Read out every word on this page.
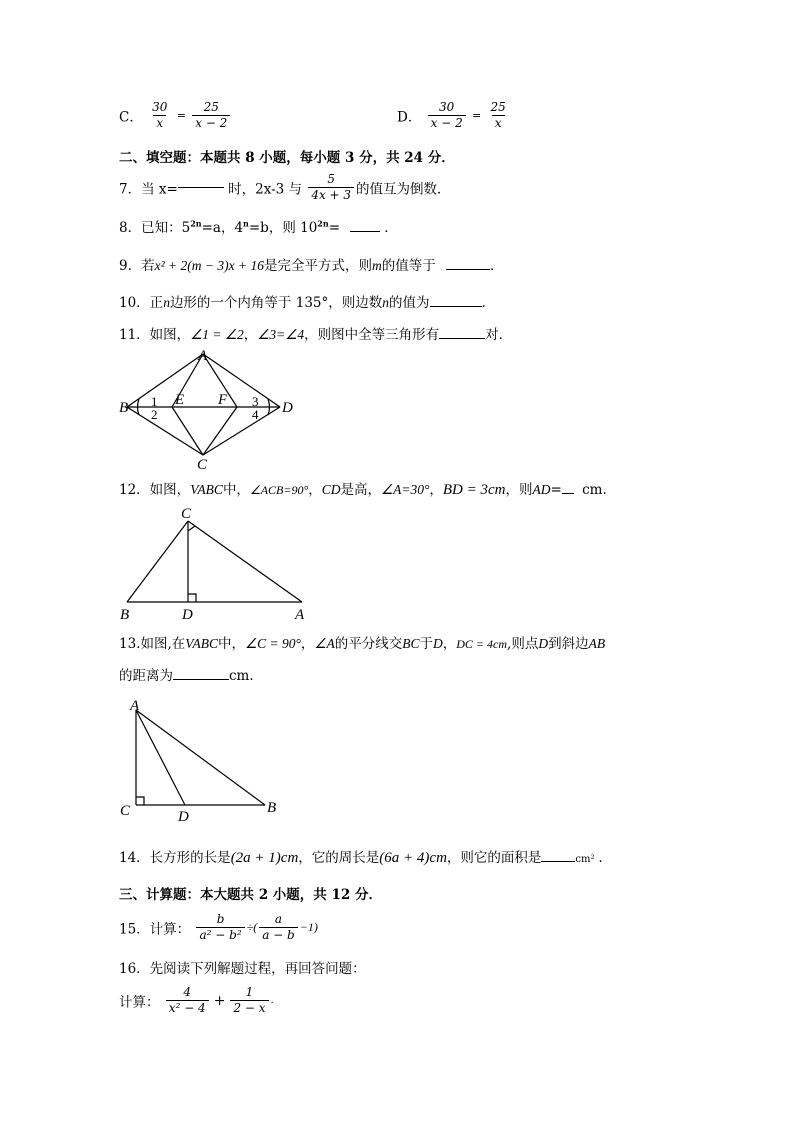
C． $\frac{30}{x} = \frac{25}{x - 2}$	D． $\frac{30}{x - 2} = \frac{25}{x}$
二、填空题：本题共 8 小题，每小题 3 分，共 24 分．
7．当 x=	时，2x-3 与 $\frac{5}{4x + 3}$ 的值互为倒数．
8．已知：$5^{2n}=a$，$4^n=b$，则 $10^{2n}=$	．
9．若x² + 2(m − 3)x + 16是完全平方式，则m的值等于	．
10．正n边形的一个内角等于 135°，则边数n的值为	．
11．如图，∠1 = ∠2，∠3=∠4，则图中全等三角形有	对．
A
B	D
C
E F
1
2
3
4
12．如图，VABC中，∠ACB=90°，CD是高，∠A=30°，BD = 3cm，则AD= cm.
C
B	D	A
13.如图,在VABC中，∠C = 90°，∠A的平分线交BC于D，DC = 4cm,则点D到斜边AB
的距离为	cm．
A
C	D
B
14．长方形的长是(2a + 1)cm，它的周长是(6a + 4)cm，则它的面积是	cm² ．
三、计算题：本大题共 2 小题，共 12 分．
15．计算： $\frac{b}{\text{a² − b²}}$ ÷( $\frac{a}{a - b} -1$)
16．先阅读下列解题过程，再回答问题：
计算： $\frac{4}{\text{x² − 4}} + \frac{1}{2 - x}$ .
